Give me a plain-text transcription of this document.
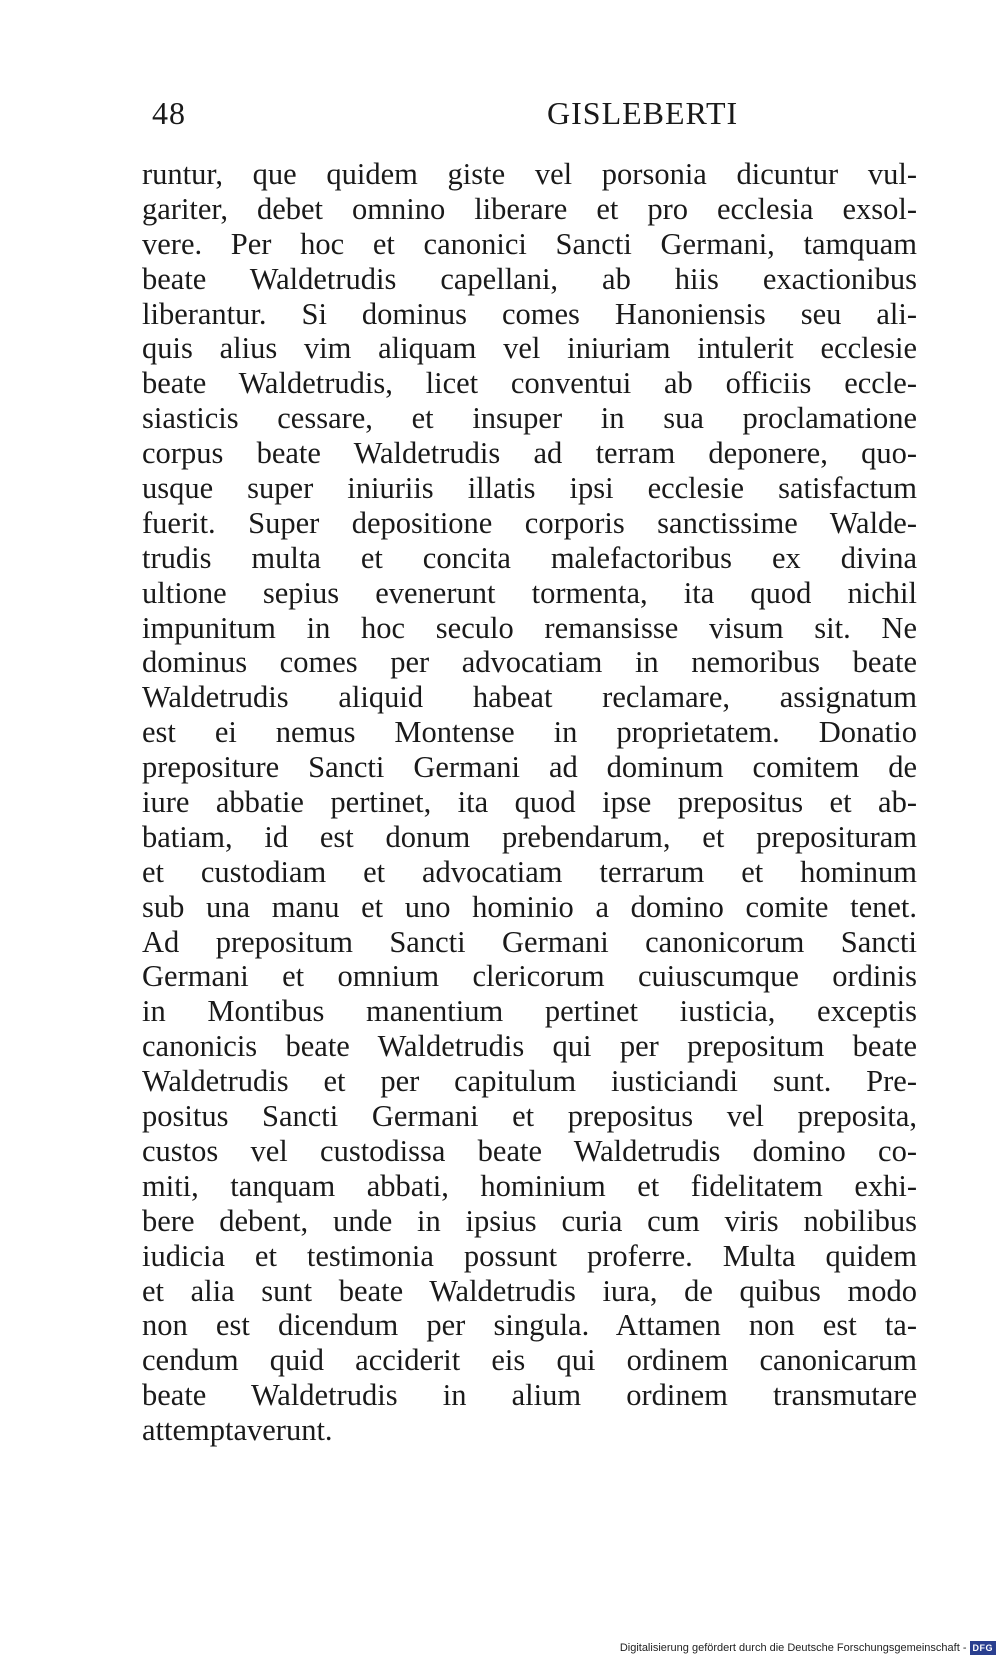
48	GISLEBERTI
runtur, que quidem giste vel porsonia dicuntur vul-
gariter, debet omnino liberare et pro ecclesia exsol-
vere. Per hoc et canonici Sancti Germani, tamquam
beate Waldetrudis capellani, ab hiis exactionibus
liberantur. Si dominus comes Hanoniensis seu ali-
quis alius vim aliquam vel iniuriam intulerit ecclesie
beate Waldetrudis, licet conventui ab officiis eccle-
siasticis cessare, et insuper in sua proclamatione
corpus beate Waldetrudis ad terram deponere, quo-
usque super iniuriis illatis ipsi ecclesie satisfactum
fuerit. Super depositione corporis sanctissime Walde-
trudis multa et concita malefactoribus ex divina
ultione sepius evenerunt tormenta, ita quod nichil
impunitum in hoc seculo remansisse visum sit. Ne
dominus comes per advocatiam in nemoribus beate
Waldetrudis aliquid habeat reclamare, assignatum
est ei nemus Montense in proprietatem. Donatio
prepositure Sancti Germani ad dominum comitem de
iure abbatie pertinet, ita quod ipse prepositus et ab-
batiam, id est donum prebendarum, et preposituram
et custodiam et advocatiam terrarum et hominum
sub una manu et uno hominio a domino comite tenet.
Ad prepositum Sancti Germani canonicorum Sancti
Germani et omnium clericorum cuiuscumque ordinis
in Montibus manentium pertinet iusticia, exceptis
canonicis beate Waldetrudis qui per prepositum beate
Waldetrudis et per capitulum iusticiandi sunt. Pre-
positus Sancti Germani et prepositus vel preposita,
custos vel custodissa beate Waldetrudis domino co-
miti, tanquam abbati, hominium et fidelitatem exhi-
bere debent, unde in ipsius curia cum viris nobilibus
iudicia et testimonia possunt proferre. Multa quidem
et alia sunt beate Waldetrudis iura, de quibus modo
non est dicendum per singula. Attamen non est ta-
cendum quid acciderit eis qui ordinem canonicarum
beate Waldetrudis in alium ordinem transmutare
attemptaverunt.
Digitalisierung gefördert durch die Deutsche Forschungsgemeinschaft - DFG
